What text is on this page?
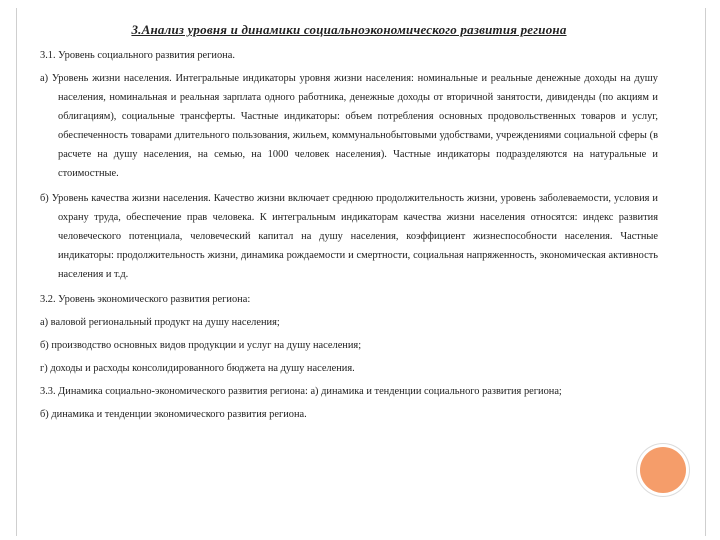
3.Анализ уровня и динамики социальноэкономического развития региона

3.1. Уровень социального развития региона.

а) Уровень жизни населения. Интегральные индикаторы уровня жизни населения: номинальные и реальные денежные доходы на душу населения, номинальная и реальная зарплата одного работника, денежные доходы от вторичной занятости, дивиденды (по акциям и облигациям), социальные трансферты. Частные индикаторы: объем потребления основных продовольственных товаров и услуг, обеспеченность товарами длительного пользования, жильем, коммунальнобытовыми удобствами, учреждениями социальной сферы (в расчете на душу населения, на семью, на 1000 человек населения). Частные индикаторы подразделяются на натуральные и стоимостные.

б) Уровень качества жизни населения. Качество жизни включает среднюю продолжительность жизни, уровень заболеваемости, условия и охрану труда, обеспечение прав человека. К интегральным индикаторам качества жизни населения относятся: индекс развития человеческого потенциала, человеческий капитал на душу населения, коэффициент жизнеспособности населения. Частные индикаторы: продолжительность жизни, динамика рождаемости и смертности, социальная напряженность, экономическая активность населения и т.д.

3.2. Уровень экономического развития региона:

а) валовой региональный продукт на душу населения;

б) производство основных видов продукции и услуг на душу населения;

г) доходы и расходы консолидированного бюджета на душу населения.

3.3. Динамика социально-экономического развития региона: а) динамика и тенденции социального развития региона;

б) динамика и тенденции экономического развития региона.
